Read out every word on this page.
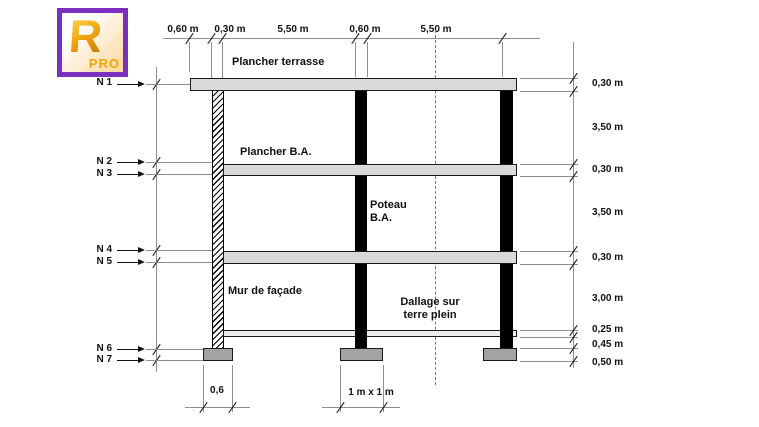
R
PRO
0,60 m	0,30 m	5,50 m	0,60 m	5,50 m
N 1
N 2
N 3
N 4
N 5
N 6
N 7
Plancher terrasse
Plancher B.A.
Poteau
B.A.
Mur de façade
Dallage sur
terre plein
0,30 m
3,50 m
0,30 m
3,50 m
0,30 m
3,00 m
0,25 m
0,45 m
0,50 m
0,6	1 m x 1 m
